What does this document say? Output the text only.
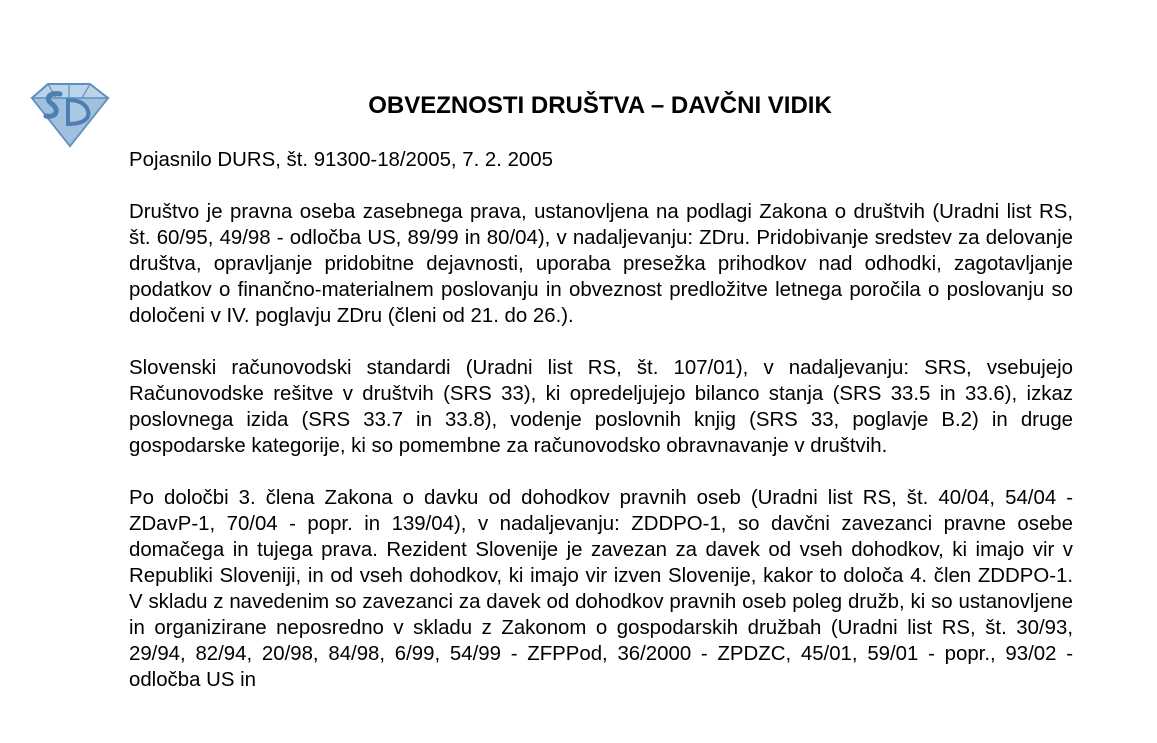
OBVEZNOSTI DRUŠTVA – DAVČNI VIDIK

Pojasnilo DURS, št. 91300-18/2005, 7. 2. 2005

Društvo je pravna oseba zasebnega prava, ustanovljena na podlagi Zakona o društvih (Uradni list RS, št. 60/95, 49/98 - odločba US, 89/99 in 80/04), v nadaljevanju: ZDru. Pridobivanje sredstev za delovanje društva, opravljanje pridobitne dejavnosti, uporaba presežka prihodkov nad odhodki, zagotavljanje podatkov o finančno-materialnem poslovanju in obveznost predložitve letnega poročila o poslovanju so določeni v IV. poglavju ZDru (členi od 21. do 26.).

Slovenski računovodski standardi (Uradni list RS, št. 107/01), v nadaljevanju: SRS, vsebujejo Računovodske rešitve v društvih (SRS 33), ki opredeljujejo bilanco stanja (SRS 33.5 in 33.6), izkaz poslovnega izida (SRS 33.7 in 33.8), vodenje poslovnih knjig (SRS 33, poglavje B.2) in druge gospodarske kategorije, ki so pomembne za računovodsko obravnavanje v društvih.

Po določbi 3. člena Zakona o davku od dohodkov pravnih oseb (Uradni list RS, št. 40/04, 54/04 - ZDavP-1, 70/04 - popr. in 139/04), v nadaljevanju: ZDDPO-1, so davčni zavezanci pravne osebe domačega in tujega prava. Rezident Slovenije je zavezan za davek od vseh dohodkov, ki imajo vir v Republiki Sloveniji, in od vseh dohodkov, ki imajo vir izven Slovenije, kakor to določa 4. člen ZDDPO-1. V skladu z navedenim so zavezanci za davek od dohodkov pravnih oseb poleg družb, ki so ustanovljene in organizirane neposredno v skladu z Zakonom o gospodarskih družbah (Uradni list RS, št. 30/93, 29/94, 82/94, 20/98, 84/98, 6/99, 54/99 - ZFPPod, 36/2000 - ZPDZC, 45/01, 59/01 - popr., 93/02 - odločba US in
